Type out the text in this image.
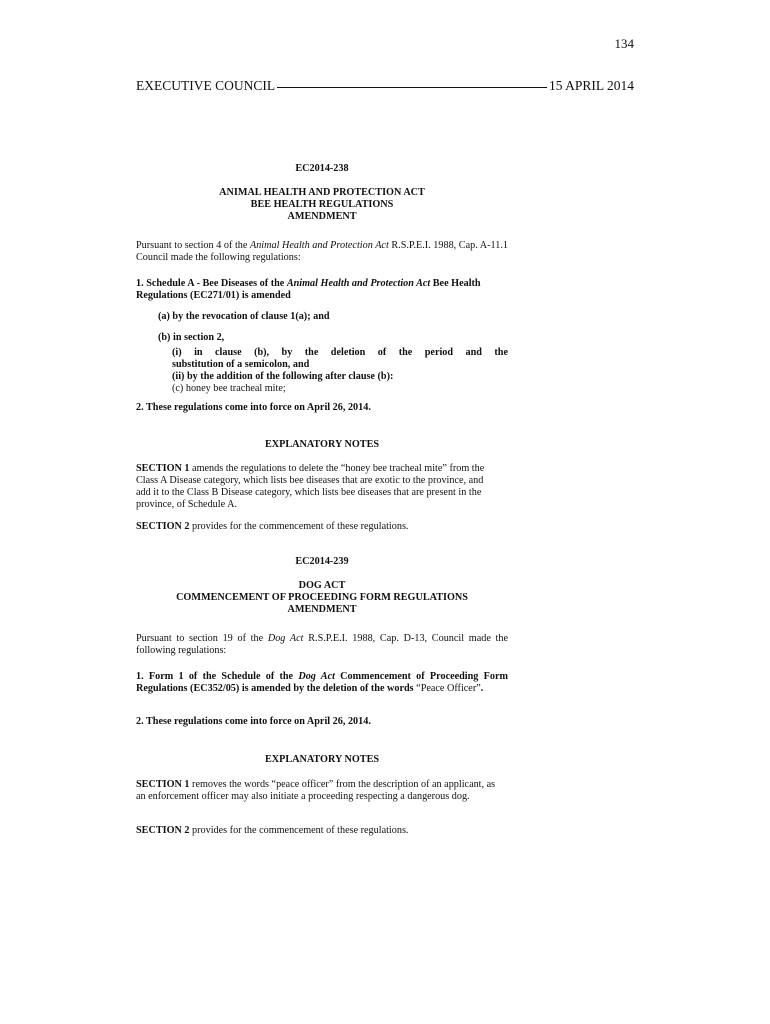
134
EXECUTIVE COUNCIL	15 APRIL 2014
EC2014-238
ANIMAL HEALTH AND PROTECTION ACT
BEE HEALTH REGULATIONS
AMENDMENT
Pursuant to section 4 of the Animal Health and Protection Act R.S.P.E.I. 1988, Cap. A-11.1 Council made the following regulations:
1. Schedule A - Bee Diseases of the Animal Health and Protection Act Bee Health Regulations (EC271/01) is amended
(a) by the revocation of clause 1(a); and
(b) in section 2,
(i) in clause (b), by the deletion of the period and the
substitution of a semicolon, and
(ii) by the addition of the following after clause (b):
(c) honey bee tracheal mite;
2. These regulations come into force on April 26, 2014.
EXPLANATORY NOTES
SECTION 1 amends the regulations to delete the “honey bee tracheal mite” from the Class A Disease category, which lists bee diseases that are exotic to the province, and add it to the Class B Disease category, which lists bee diseases that are present in the province, of Schedule A.
SECTION 2 provides for the commencement of these regulations.
EC2014-239
DOG ACT
COMMENCEMENT OF PROCEEDING FORM REGULATIONS
AMENDMENT
Pursuant to section 19 of the Dog Act R.S.P.E.I. 1988, Cap. D-13, Council made the following regulations:
1. Form 1 of the Schedule of the Dog Act Commencement of Proceeding Form Regulations (EC352/05) is amended by the deletion of the words “Peace Officer”.
2. These regulations come into force on April 26, 2014.
EXPLANATORY NOTES
SECTION 1 removes the words “peace officer” from the description of an applicant, as an enforcement officer may also initiate a proceeding respecting a dangerous dog.
SECTION 2 provides for the commencement of these regulations.
